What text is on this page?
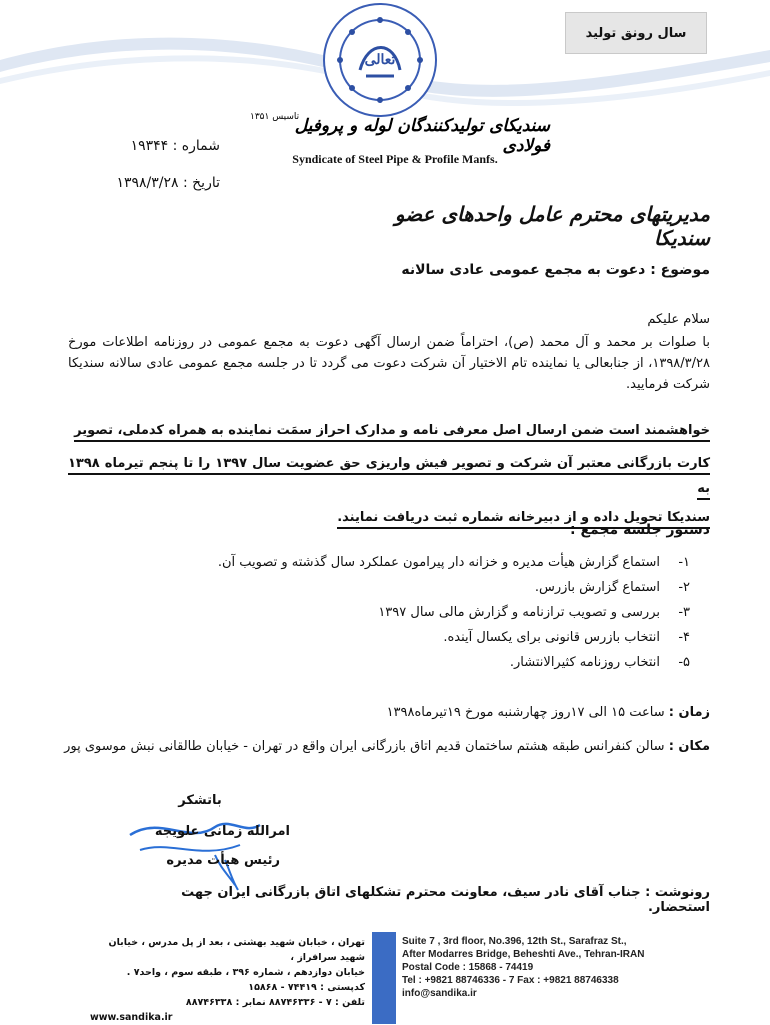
سال رونق تولید
تعالی
سندیکای تولیدکنندگان لوله و پروفیل فولادی
تاسیس ۱۳۵۱
Syndicate of Steel Pipe & Profile Manfs.
شماره : ۱۹۳۴۴
تاریخ : ۱۳۹۸/۳/۲۸
مدیریتهای محترم عامل واحدهای عضو سندیکا
موضوع : دعوت به مجمع عمومی عادی سالانه
سلام علیکم
با صلوات بر محمد و آل محمد (ص)، احتراماً ضمن ارسال آگهی دعوت به مجمع عمومی در روزنامه اطلاعات مورخ ۱۳۹۸/۳/۲۸، از جنابعالی یا نماینده تام الاختیار آن شرکت دعوت می گردد تا در جلسه مجمع عمومی عادی سالانه سندیکا شرکت فرمایید.
خواهشمند است ضمن ارسال اصل معرفی نامه و مدارک احراز سمَت نماینده به همراه کدملی، تصویر
کارت بازرگانی معتبر آن شرکت و تصویر فیش واریزی حق عضویت سال ۱۳۹۷ را تا پنجم تیرماه ۱۳۹۸ به
سندیکا تحویل داده و از دبیرخانه شماره ثبت دریافت نمایند.
دستور جلسه مجمع :
۱-استماع گزارش هیأت مدیره و خزانه دار پیرامون عملکرد سال گذشته و تصویب آن.
۲-استماع گزارش بازرس.
۳-بررسی و تصویب ترازنامه و گزارش مالی سال ۱۳۹۷
۴-انتخاب بازرس قانونی برای یکسال آینده.
۵-انتخاب روزنامه کثیرالانتشار.
زمان : ساعت ۱۵ الی ۱۷روز چهارشنبه مورخ ۱۹تیرماه۱۳۹۸
مکان : سالن کنفرانس طبقه هشتم ساختمان قدیم اتاق بازرگانی ایران واقع در تهران - خیابان طالقانی نبش موسوی پور
باتشکر
امرالله زمانی علویجه
رئیس هیأت مدیره
رونوشت : جناب آقای نادر سیف، معاونت محترم تشکلهای اتاق بازرگانی ایران جهت استحضار.
تهران ، خیابان شهید بهشتی ، بعد از پل مدرس ، خیابان شهید سرافراز ،
خیابان دوازدهم ، شماره ۳۹۶ ، طبقه سوم ، واحد۷ .
کدپستی : ۷۴۴۱۹ - ۱۵۸۶۸
تلفن : ۷ - ۸۸۷۴۶۳۳۶ نمابر : ۸۸۷۴۶۳۳۸
www.sandika.ir
Suite 7 , 3rd floor, No.396, 12th St., Sarafraz St.,
After Modarres Bridge, Beheshti Ave., Tehran-IRAN
Postal Code : 15868 - 74419
Tel : +9821 88746336 - 7 Fax : +9821 88746338
info@sandika.ir
